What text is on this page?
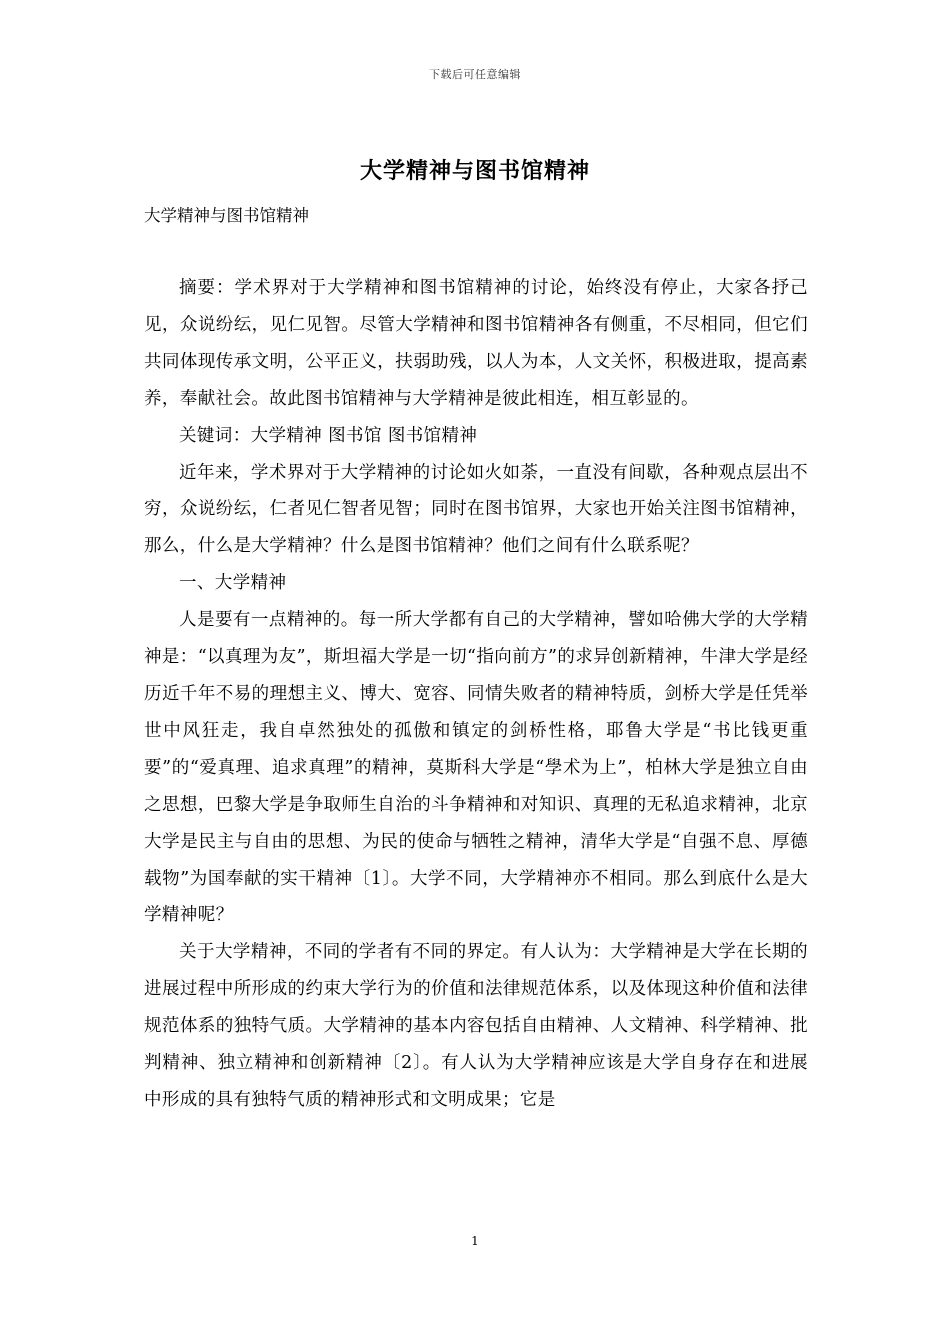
下载后可任意编辑
大学精神与图书馆精神
大学精神与图书馆精神

摘要：学术界对于大学精神和图书馆精神的讨论，始终没有停止，大家各抒己见，众说纷纭，见仁见智。尽管大学精神和图书馆精神各有侧重，不尽相同，但它们共同体现传承文明，公平正义，扶弱助残，以人为本，人文关怀，积极进取，提高素养，奉献社会。故此图书馆精神与大学精神是彼此相连，相互彰显的。

关键词：大学精神 图书馆 图书馆精神

近年来，学术界对于大学精神的讨论如火如荼，一直没有间歇，各种观点层出不穷，众说纷纭，仁者见仁智者见智；同时在图书馆界，大家也开始关注图书馆精神，那么，什么是大学精神？什么是图书馆精神？他们之间有什么联系呢？

一、大学精神

人是要有一点精神的。每一所大学都有自己的大学精神，譬如哈佛大学的大学精神是：“以真理为友”，斯坦福大学是一切“指向前方”的求异创新精神，牛津大学是经历近千年不易的理想主义、博大、宽容、同情失败者的精神特质，剑桥大学是任凭举世中风狂走，我自卓然独处的孤傲和镇定的剑桥性格，耶鲁大学是“书比钱更重要”的“爱真理、追求真理”的精神，莫斯科大学是“學术为上”，柏林大学是独立自由之思想，巴黎大学是争取师生自治的斗争精神和对知识、真理的无私追求精神，北京大学是民主与自由的思想、为民的使命与牺牲之精神，清华大学是“自强不息、厚德载物”为国奉献的实干精神〔1〕。大学不同，大学精神亦不相同。那么到底什么是大学精神呢？

关于大学精神，不同的学者有不同的界定。有人认为：大学精神是大学在长期的进展过程中所形成的约束大学行为的价值和法律规范体系，以及体现这种价值和法律规范体系的独特气质。大学精神的基本内容包括自由精神、人文精神、科学精神、批判精神、独立精神和创新精神〔2〕。有人认为大学精神应该是大学自身存在和进展中形成的具有独特气质的精神形式和文明成果；它是

1
